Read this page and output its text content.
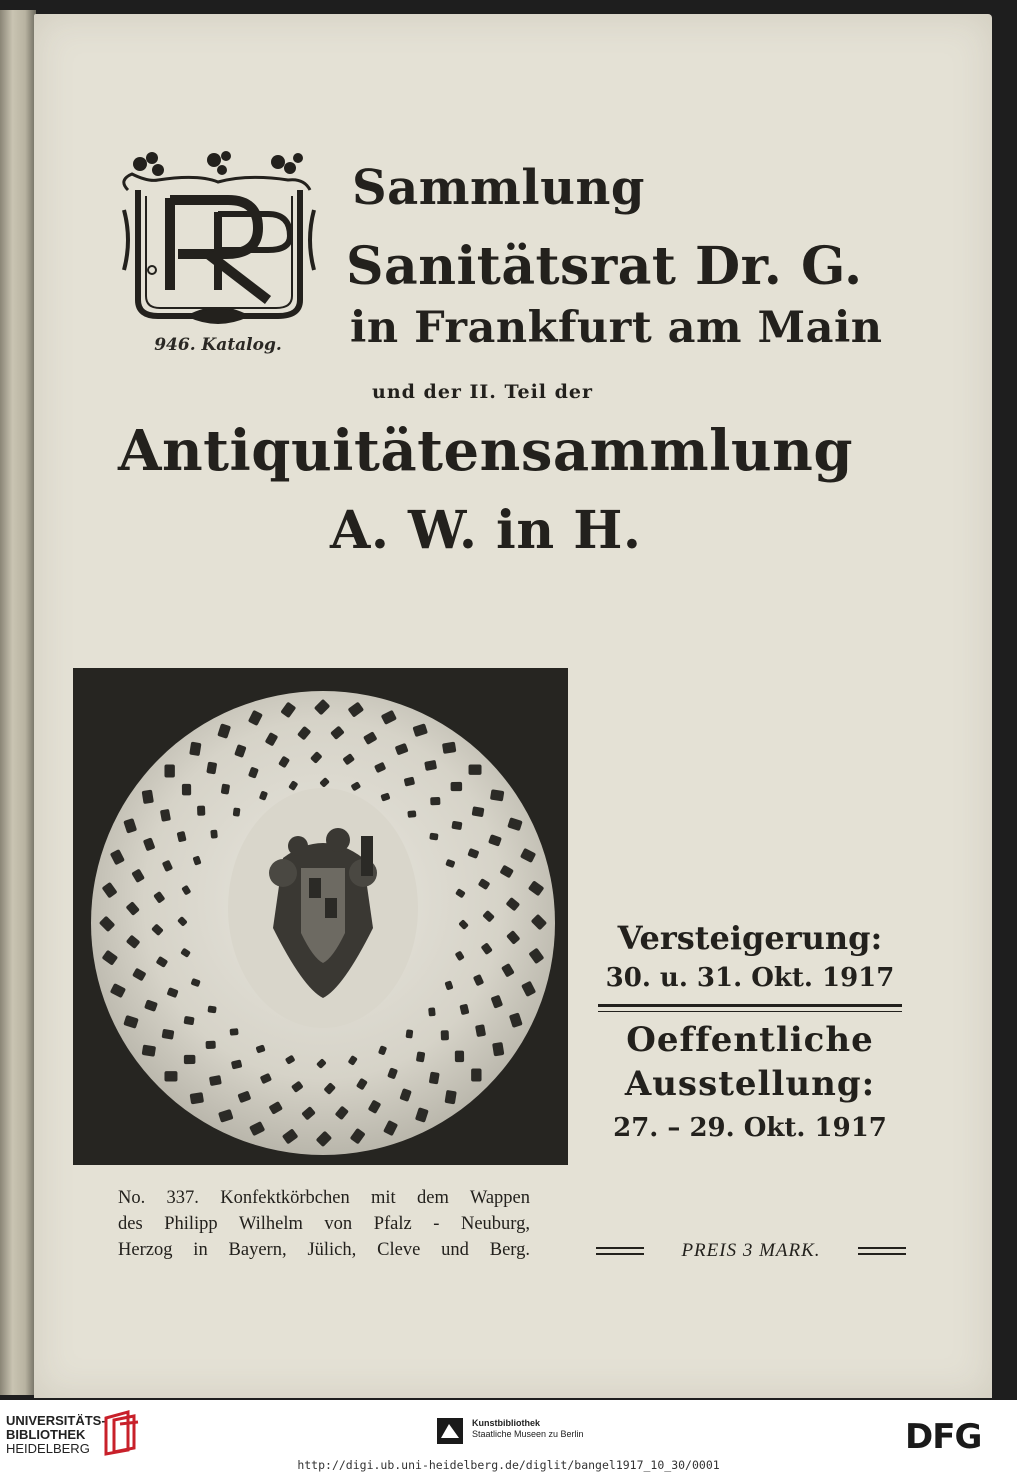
946. Katalog.
Sammlung
Sanitätsrat Dr. G.
in Frankfurt am Main
und der II. Teil der
Antiquitätensammlung
A. W. in H.
No. 337. Konfektkörbchen mit dem Wappen
des Philipp Wilhelm von Pfalz - Neuburg,
Herzog in Bayern, Jülich, Cleve und Berg.
Versteigerung:
30. u. 31. Okt. 1917
Oeffentliche
Ausstellung:
27. – 29. Okt. 1917
PREIS 3 MARK.
UNIVERSITÄTS-
BIBLIOTHEK
HEIDELBERG
Kunstbibliothek
Staatliche Museen zu Berlin	DFG
http://digi.ub.uni-heidelberg.de/diglit/bangel1917_10_30/0001
